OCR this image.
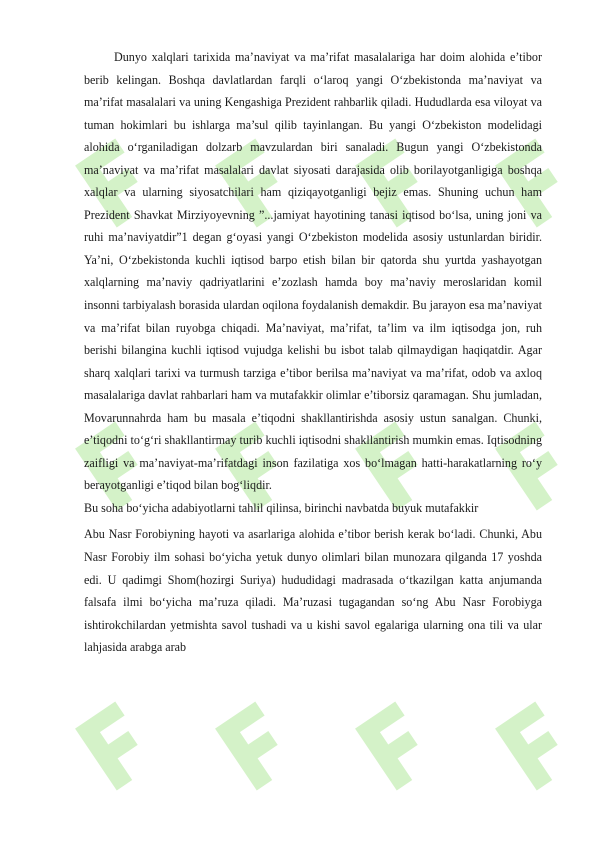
Dunyo xalqlari tarixida ma’naviyat va ma’rifat masalalariga har doim alohida e’tibor berib kelingan. Boshqa davlatlardan farqli o‘laroq yangi O‘zbekistonda ma’naviyat va ma’rifat masalalari va uning Kengashiga Prezident rahbarlik qiladi. Hududlarda esa viloyat va tuman hokimlari bu ishlarga ma’sul qilib tayinlangan. Bu yangi O‘zbekiston modelidagi alohida o‘rganiladigan dolzarb mavzulardan biri sanaladi. Bugun yangi O‘zbekistonda ma’naviyat va ma’rifat masalalari davlat siyosati darajasida olib borilayotganligiga boshqa xalqlar va ularning siyosatchilari ham qiziqayotganligi bejiz emas. Shuning uchun ham Prezident Shavkat Mirziyoyevning ”...jamiyat hayotining tanasi iqtisod bo‘lsa, uning joni va ruhi ma’naviyatdir”1 degan g‘oyasi yangi O‘zbekiston modelida asosiy ustunlardan biridir. Ya’ni, O‘zbekistonda kuchli iqtisod barpo etish bilan bir qatorda shu yurtda yashayotgan xalqlarning ma’naviy qadriyatlarini e’zozlash hamda boy ma’naviy meroslaridan komil insonni tarbiyalash borasida ulardan oqilona foydalanish demakdir. Bu jarayon esa ma’naviyat va ma’rifat bilan ruyobga chiqadi. Ma’naviyat, ma’rifat, ta’lim va ilm iqtisodga jon, ruh berishi bilangina kuchli iqtisod vujudga kelishi bu isbot talab qilmaydigan haqiqatdir. Agar sharq xalqlari tarixi va turmush tarziga e’tibor berilsa ma’naviyat va ma’rifat, odob va axloq masalalariga davlat rahbarlari ham va mutafakkir olimlar e’tiborsiz qaramagan. Shu jumladan, Movarunnahrda ham bu masala e’tiqodni shakllantirishda asosiy ustun sanalgan. Chunki, e’tiqodni to‘g‘ri shakllantirmay turib kuchli iqtisodni shakllantirish mumkin emas. Iqtisodning zaifligi va ma’naviyat-ma’rifatdagi inson fazilatiga xos bo‘lmagan hatti-harakatlarning ro‘y berayotganligi e’tiqod bilan bog‘liqdir.

Bu soha bo‘yicha adabiyotlarni tahlil qilinsa, birinchi navbatda buyuk mutafakkir

Abu Nasr Forobiyning hayoti va asarlariga alohida e’tibor berish kerak bo‘ladi. Chunki, Abu Nasr Forobiy ilm sohasi bo‘yicha yetuk dunyo olimlari bilan munozara qilganda 17 yoshda edi. U qadimgi Shom(hozirgi Suriya) hududidagi madrasada o‘tkazilgan katta anjumanda falsafa ilmi bo‘yicha ma’ruza qiladi. Ma’ruzasi tugagandan so‘ng Abu Nasr Forobiyga ishtirokchilardan yetmishta savol tushadi va u kishi savol egalariga ularning ona tili va ular lahjasida arabga arab
